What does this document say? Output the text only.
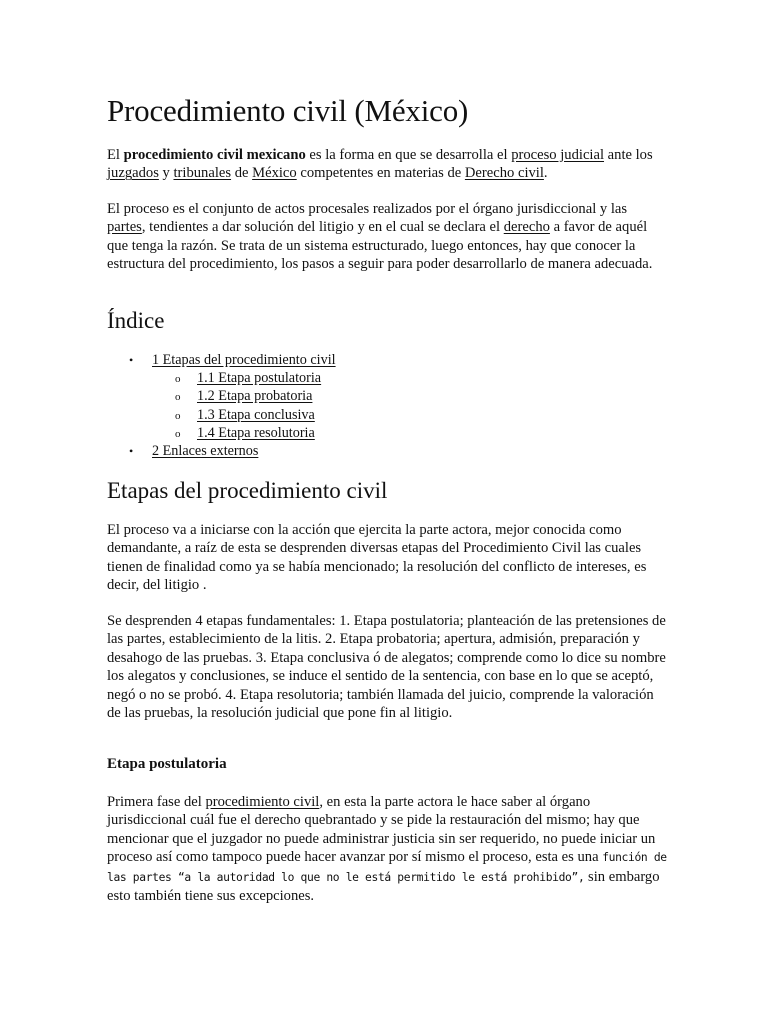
Procedimiento civil (México)

El procedimiento civil mexicano es la forma en que se desarrolla el proceso judicial ante los juzgados y tribunales de México competentes en materias de Derecho civil.

El proceso es el conjunto de actos procesales realizados por el órgano jurisdiccional y las partes, tendientes a dar solución del litigio y en el cual se declara el derecho a favor de aquél que tenga la razón. Se trata de un sistema estructurado, luego entonces, hay que conocer la estructura del procedimiento, los pasos a seguir para poder desarrollarlo de manera adecuada.

Índice
• 1 Etapas del procedimiento civil
o 1.1 Etapa postulatoria
o 1.2 Etapa probatoria
o 1.3 Etapa conclusiva
o 1.4 Etapa resolutoria
• 2 Enlaces externos
Etapas del procedimiento civil

El proceso va a iniciarse con la acción que ejercita la parte actora, mejor conocida como demandante, a raíz de esta se desprenden diversas etapas del Procedimiento Civil las cuales tienen de finalidad como ya se había mencionado; la resolución del conflicto de intereses, es decir, del litigio .

Se desprenden 4 etapas fundamentales: 1. Etapa postulatoria; planteación de las pretensiones de las partes, establecimiento de la litis. 2. Etapa probatoria; apertura, admisión, preparación y desahogo de las pruebas. 3. Etapa conclusiva ó de alegatos; comprende como lo dice su nombre los alegatos y conclusiones, se induce el sentido de la sentencia, con base en lo que se aceptó, negó o no se probó. 4. Etapa resolutoria; también llamada del juicio, comprende la valoración de las pruebas, la resolución judicial que pone fin al litigio.

Etapa postulatoria

Primera fase del procedimiento civil, en esta la parte actora le hace saber al órgano jurisdiccional cuál fue el derecho quebrantado y se pide la restauración del mismo; hay que mencionar que el juzgador no puede administrar justicia sin ser requerido, no puede iniciar un proceso así como tampoco puede hacer avanzar por sí mismo el proceso, esta es una función de las partes “a la autoridad lo que no le está permitido le está prohibido”, sin embargo esto también tiene sus excepciones.
